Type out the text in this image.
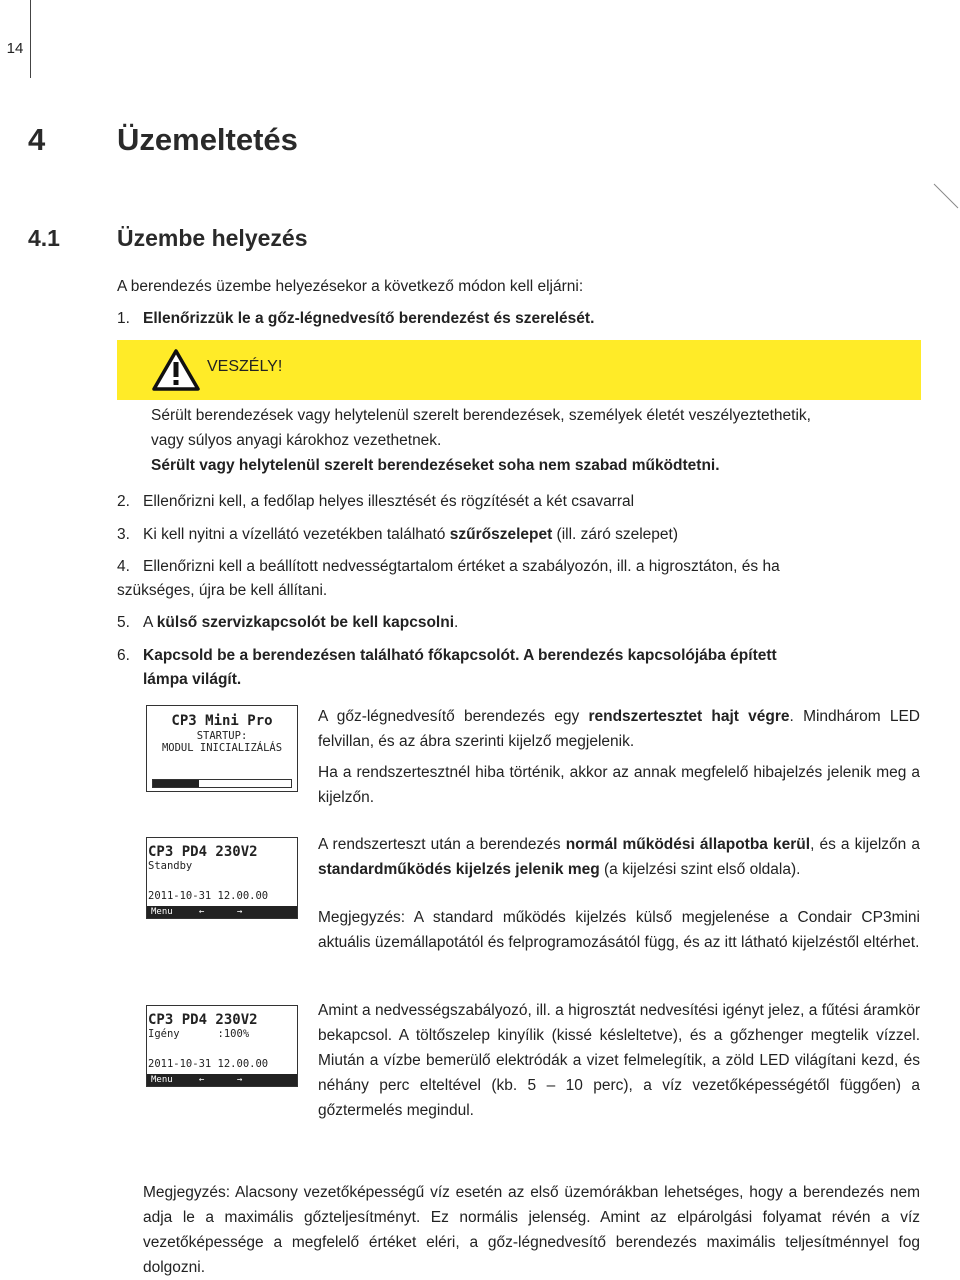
14
4 Üzemeltetés
4.1 Üzembe helyezés
A berendezés üzembe helyezésekor a következő módon kell eljárni:
1. Ellenőrizzük le a gőz-légnedvesítő berendezést és szerelését.
VESZÉLY!
Sérült berendezések vagy helytelenül szerelt berendezések, személyek életét veszélyeztethetik,
vagy súlyos anyagi károkhoz vezethetnek.
Sérült vagy helytelenül szerelt berendezéseket soha nem szabad működtetni.
2. Ellenőrizni kell, a fedőlap helyes illesztését és rögzítését a két csavarral
3. Ki kell nyitni a vízellátó vezetékben található szűrőszelepet (ill. záró szelepet)
4. Ellenőrizni kell a beállított nedvességtartalom értéket a szabályozón, ill. a higrosztáton, és ha
szükséges, újra be kell állítani.
5. A külső szervizkapcsolót be kell kapcsolni.
6. Kapcsold be a berendezésen található főkapcsolót. A berendezés kapcsolójába épített
lámpa világít.
CP3 Mini Pro
STARTUP:
MODUL INICIALIZÁLÁS
CP3 PD4 230V2
Standby
2011-10-31 12.00.00
Menu	←	→
CP3 PD4 230V2
Igény      :100%
2011-10-31 12.00.00
Menu	←	→
A gőz-légnedvesítő berendezés egy rendszertesztet hajt végre. Mindhárom LED felvillan, és az ábra szerinti kijelző megjelenik.
Ha a rendszertesztnél hiba történik, akkor az annak megfelelő hibajelzés jelenik meg a kijelzőn.
A rendszerteszt után a berendezés normál működési állapotba kerül, és a kijelzőn a standardműködés kijelzés jelenik meg (a kijelzési szint első oldala).
Megjegyzés: A standard működés kijelzés külső megjelenése a Condair CP3mini aktuális üzemállapotától és felprogramozásától függ, és az itt látható kijelzéstől eltérhet.
Amint a nedvességszabályozó, ill. a higrosztát nedvesítési igényt jelez, a fűtési áramkör bekapcsol. A töltőszelep kinyílik (kissé késleltetve), és a gőzhenger megtelik vízzel. Miután a vízbe bemerülő elektródák a vizet felmelegítik, a zöld LED világítani kezd, és néhány perc elteltével (kb. 5 – 10 perc), a víz vezetőképességétől függően) a gőztermelés megindul.
Megjegyzés: Alacsony vezetőképességű víz esetén az első üzemórákban lehetséges, hogy a berendezés nem adja le a maximális gőzteljesítményt. Ez normális jelenség. Amint az elpárolgási folyamat révén a víz vezetőképessége a megfelelő értéket eléri, a gőz-légnedvesítő berendezés maximális teljesítménnyel fog dolgozni.
